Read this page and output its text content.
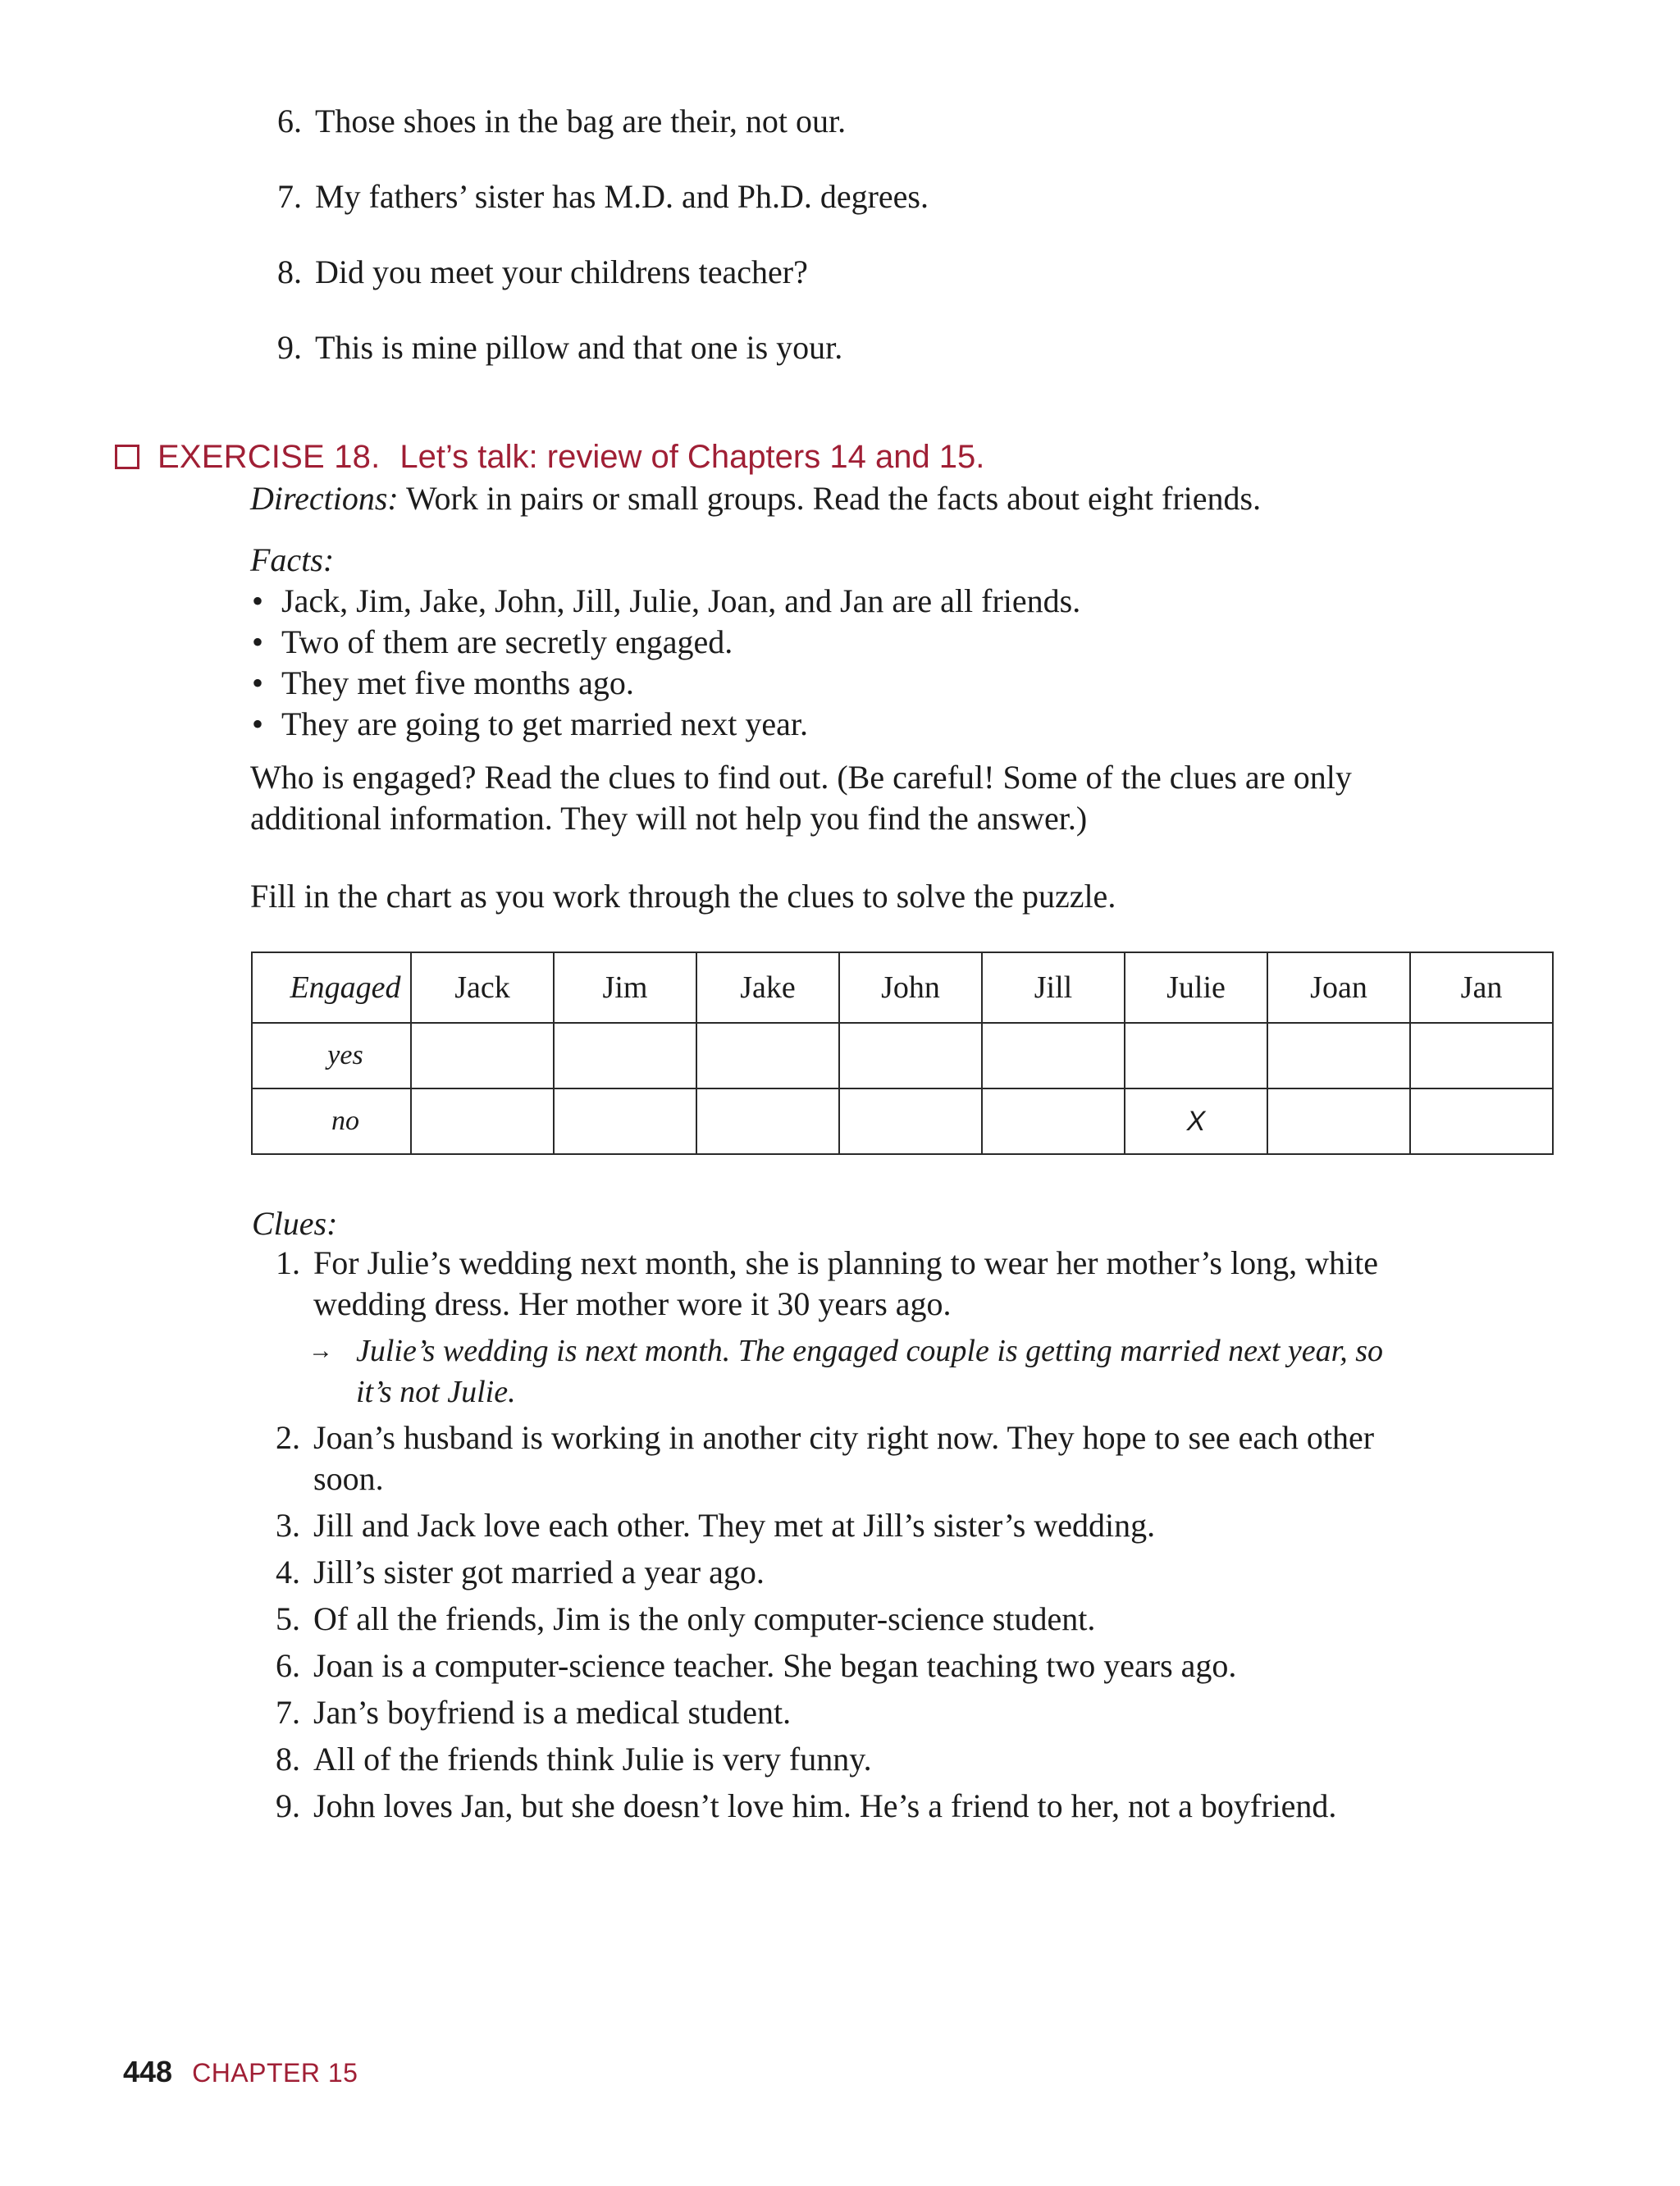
6. Those shoes in the bag are their, not our.
7. My fathers’ sister has M.D. and Ph.D. degrees.
8. Did you meet your childrens teacher?
9. This is mine pillow and that one is your.
EXERCISE 18. Let’s talk: review of Chapters 14 and 15.
Directions: Work in pairs or small groups. Read the facts about eight friends.
Facts:
• Jack, Jim, Jake, John, Jill, Julie, Joan, and Jan are all friends.
• Two of them are secretly engaged.
• They met five months ago.
• They are going to get married next year.
Who is engaged? Read the clues to find out. (Be careful! Some of the clues are only
additional information. They will not help you find the answer.)
Fill in the chart as you work through the clues to solve the puzzle.
Engaged	Jack	Jim	Jake	John	Jill	Julie	Joan	Jan
yes								
no						X		
Clues:
1. For Julie’s wedding next month, she is planning to wear her mother’s long, white
wedding dress. Her mother wore it 30 years ago.
→ Julie’s wedding is next month. The engaged couple is getting married next year, so
it’s not Julie.
2. Joan’s husband is working in another city right now. They hope to see each other
soon.
3. Jill and Jack love each other. They met at Jill’s sister’s wedding.
4. Jill’s sister got married a year ago.
5. Of all the friends, Jim is the only computer-science student.
6. Joan is a computer-science teacher. She began teaching two years ago.
7. Jan’s boyfriend is a medical student.
8. All of the friends think Julie is very funny.
9. John loves Jan, but she doesn’t love him. He’s a friend to her, not a boyfriend.
448 CHAPTER 15
